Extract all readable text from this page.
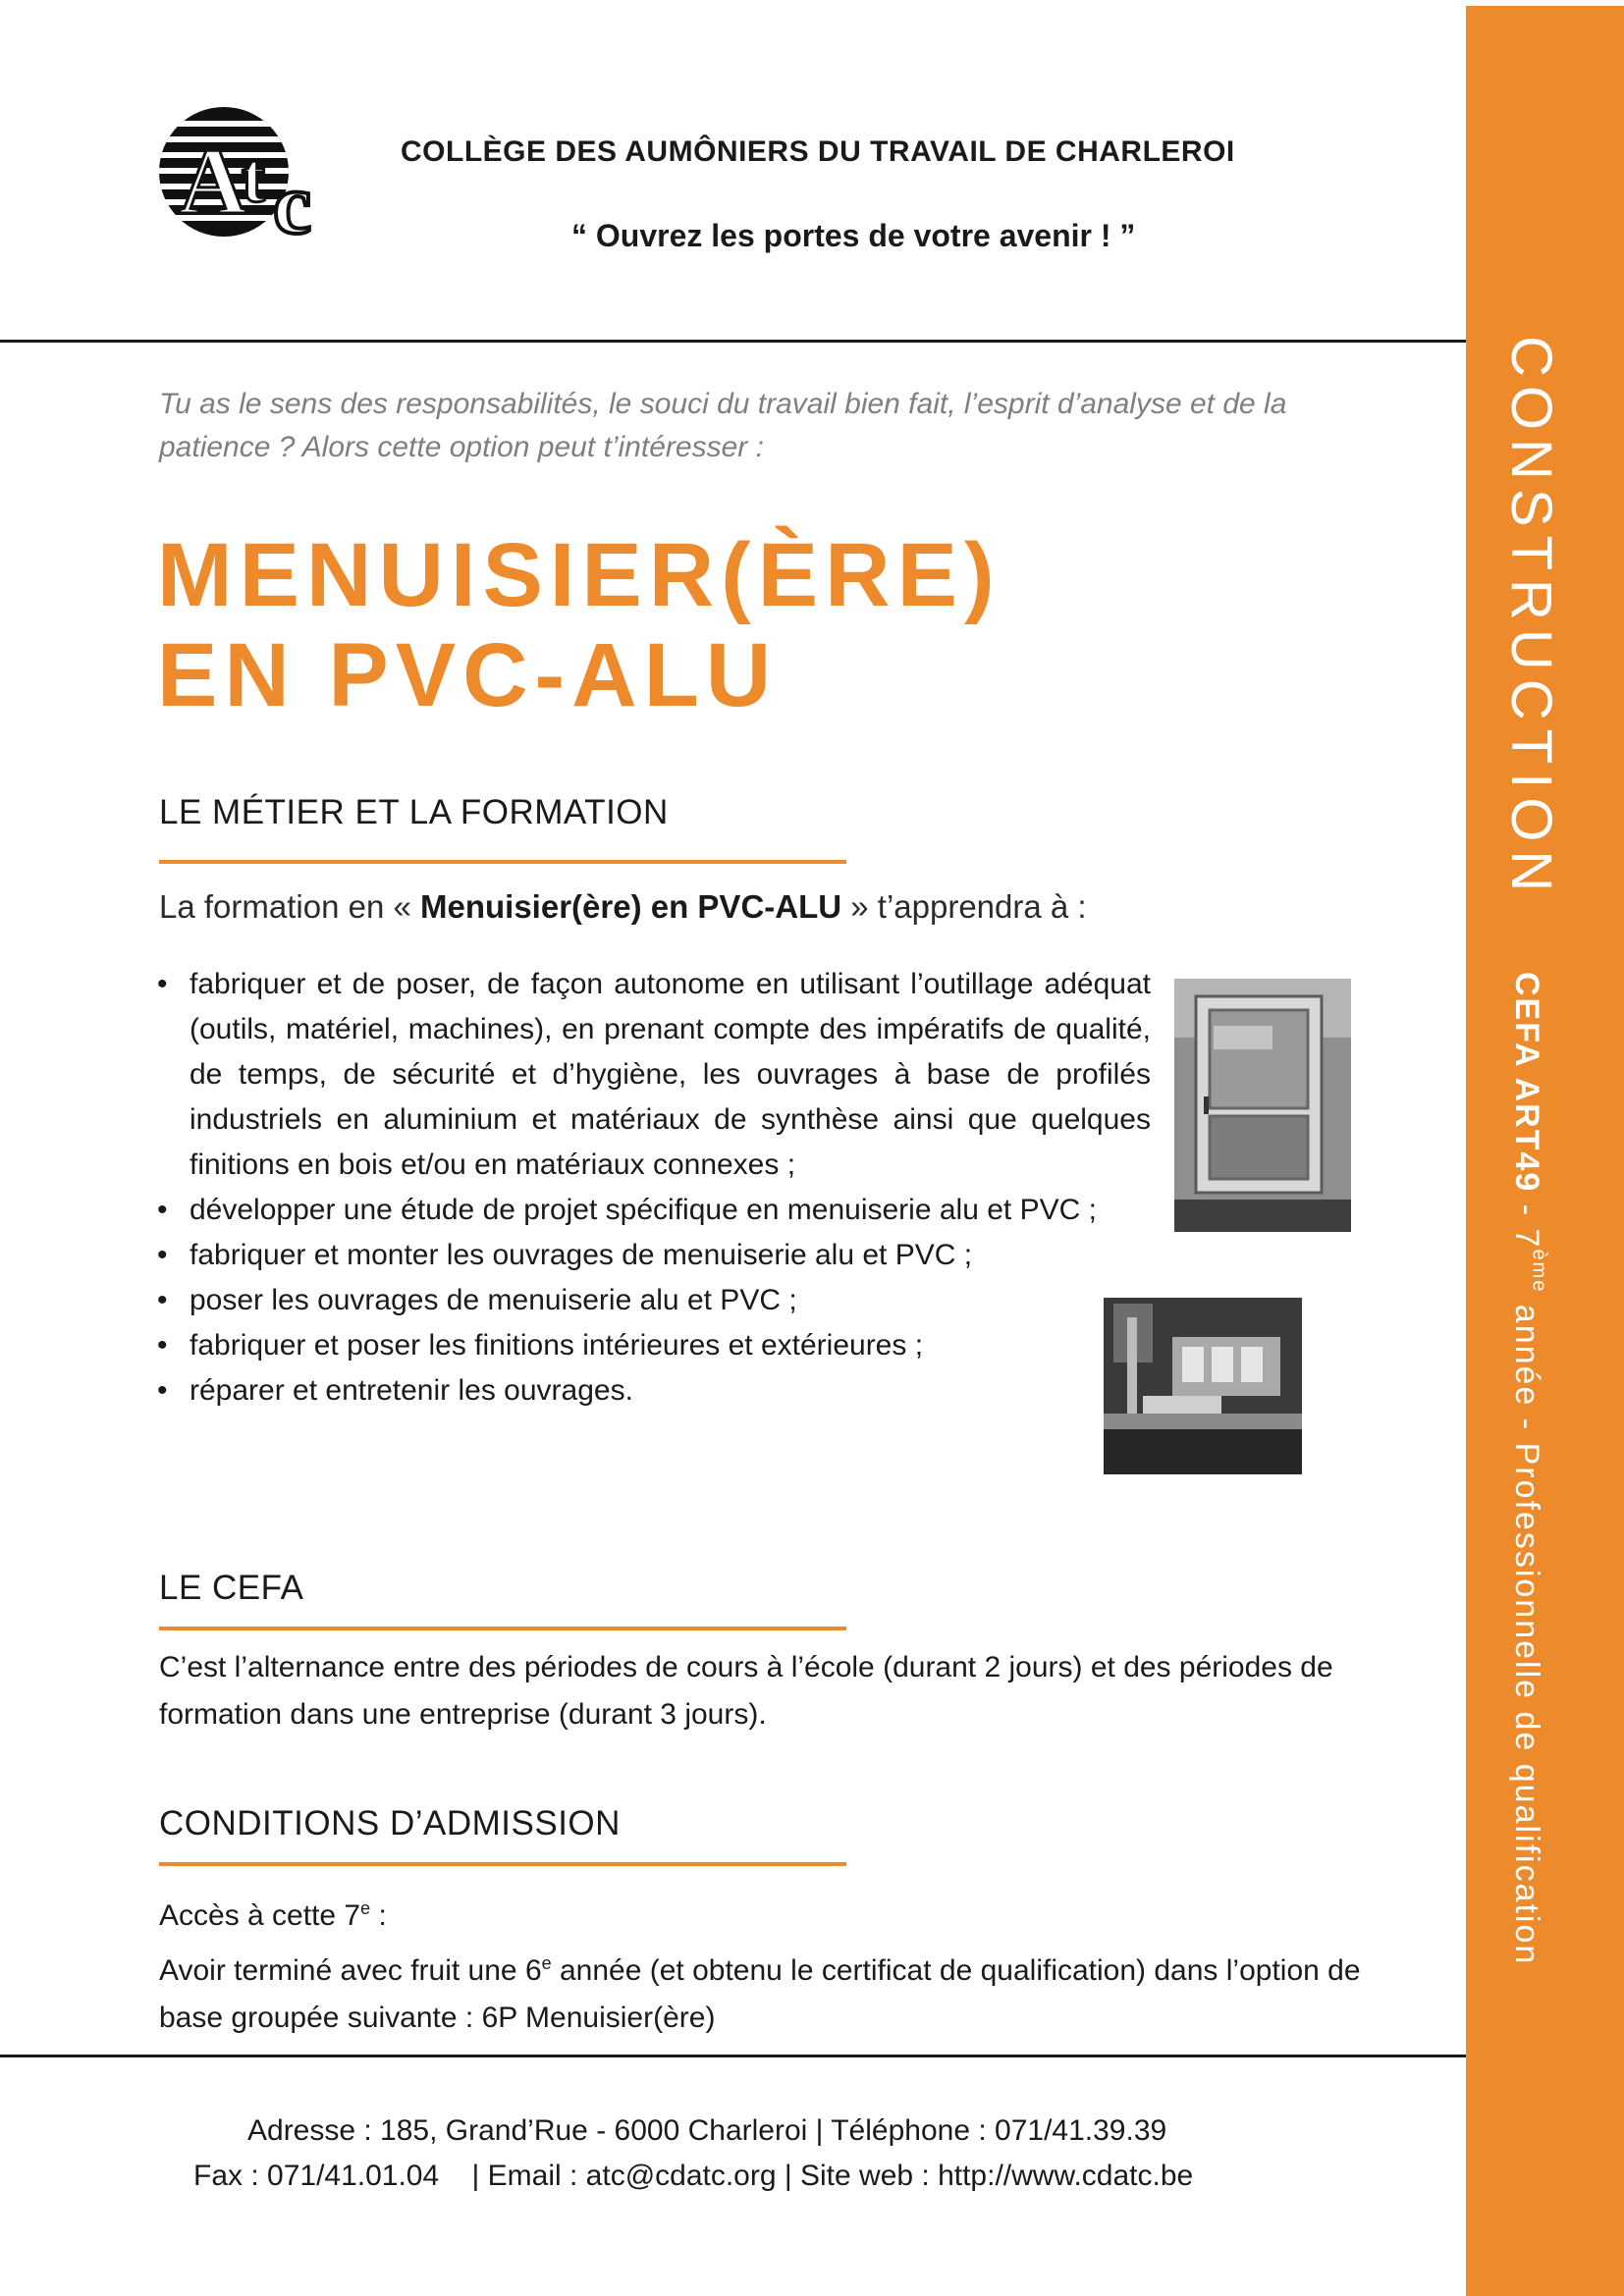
CONSTRUCTION
CEFA ART49 - 7ème année - Professionnelle de qualification
A
t c
COLLÈGE DES AUMÔNIERS DU TRAVAIL DE CHARLEROI
“ Ouvrez les portes de votre avenir ! ”
Tu as le sens des responsabilités, le souci du travail bien fait, l’esprit d’analyse et de la patience ? Alors cette option peut t’intéresser :
MENUISIER(ÈRE)
EN PVC-ALU
LE MÉTIER ET LA FORMATION
La formation en « Menuisier(ère) en PVC-ALU » t’apprendra à :
• fabriquer et de poser, de façon autonome en utilisant l’outillage adéquat (outils, matériel, machines), en prenant compte des impératifs de qualité, de temps, de sécurité et d’hygiène, les ouvrages à base de profilés industriels en aluminium et matériaux de synthèse ainsi que quelques finitions en bois et/ou en matériaux connexes ;
• développer une étude de projet spécifique en menuiserie alu et PVC ;
• fabriquer et monter les ouvrages de menuiserie alu et PVC ;
• poser les ouvrages de menuiserie alu et PVC ;
• fabriquer et poser les finitions intérieures et extérieures ;
• réparer et entretenir les ouvrages.
LE CEFA
C’est l’alternance entre des périodes de cours à l’école (durant 2 jours) et des périodes de formation dans une entreprise (durant 3 jours).
CONDITIONS D’ADMISSION
Accès à cette 7e :
Avoir terminé avec fruit une 6e année (et obtenu le certificat de qualification) dans l’option de base groupée suivante : 6P Menuisier(ère)
Adresse : 185, Grand’Rue - 6000 Charleroi | Téléphone : 071/41.39.39
Fax : 071/41.01.04    | Email : atc@cdatc.org | Site web : http://www.cdatc.be
